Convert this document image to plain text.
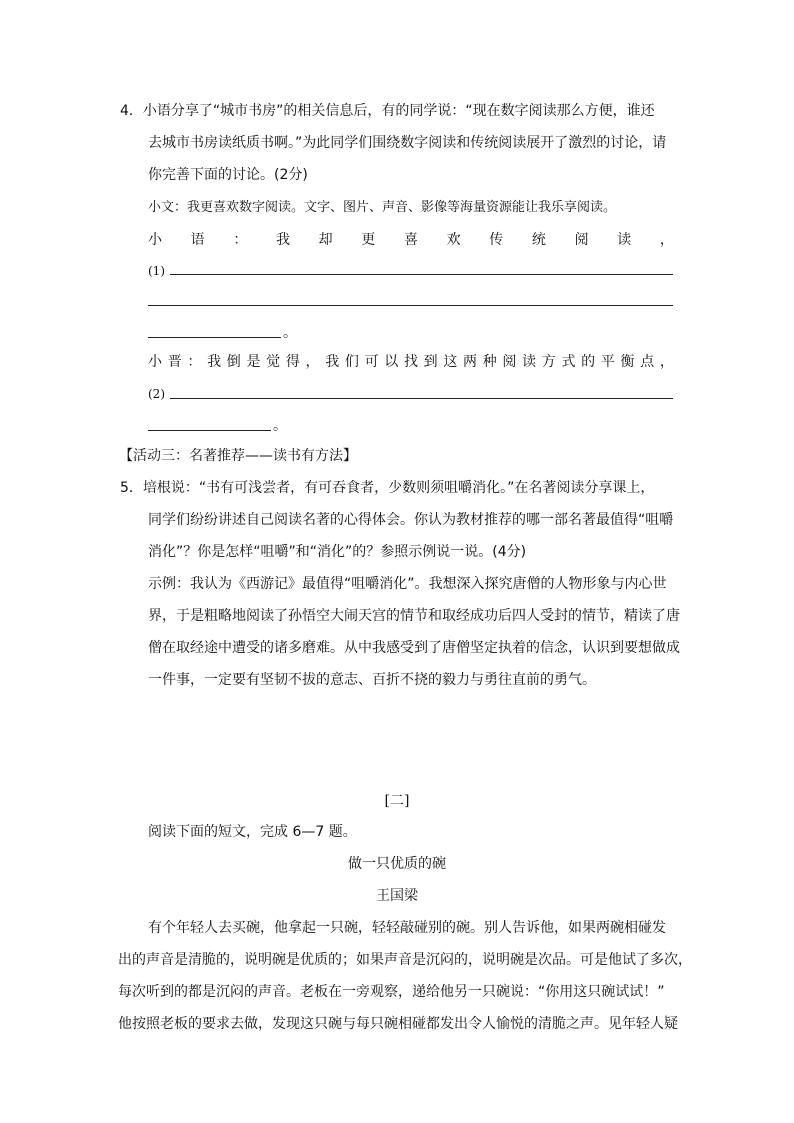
4．小语分享了“城市书房”的相关信息后，有的同学说：“现在数字阅读那么方便，谁还
去城市书房读纸质书啊。”为此同学们围绕数字阅读和传统阅读展开了激烈的讨论，请
你完善下面的讨论。(2分)
小文：我更喜欢数字阅读。文字、图片、声音、影像等海量资源能让我乐享阅读。
小 语 ： 我 却 更 喜 欢 传 统 阅 读 ，
(1)
。
小 晋 ： 我 倒 是 觉 得 ， 我 们 可 以 找 到 这 两 种 阅 读 方 式 的 平 衡 点 ，
(2)
。
【活动三：名著推荐——读书有方法】
5．培根说：“书有可浅尝者，有可吞食者，少数则须咀嚼消化。”在名著阅读分享课上，
同学们纷纷讲述自己阅读名著的心得体会。你认为教材推荐的哪一部名著最值得“咀嚼
消化”？你是怎样“咀嚼”和“消化”的？参照示例说一说。(4分)
示例：我认为《西游记》最值得“咀嚼消化”。我想深入探究唐僧的人物形象与内心世
界，于是粗略地阅读了孙悟空大闹天宫的情节和取经成功后四人受封的情节，精读了唐
僧在取经途中遭受的诸多磨难。从中我感受到了唐僧坚定执着的信念，认识到要想做成
一件事，一定要有坚韧不拔的意志、百折不挠的毅力与勇往直前的勇气。
[二]
阅读下面的短文，完成 6—7 题。
做一只优质的碗
王国梁
有个年轻人去买碗，他拿起一只碗，轻轻敲碰别的碗。别人告诉他，如果两碗相碰发
出的声音是清脆的，说明碗是优质的；如果声音是沉闷的，说明碗是次品。可是他试了多次，
每次听到的都是沉闷的声音。老板在一旁观察，递给他另一只碗说：“你用这只碗试试！”
他按照老板的要求去做，发现这只碗与每只碗相碰都发出令人愉悦的清脆之声。见年轻人疑
